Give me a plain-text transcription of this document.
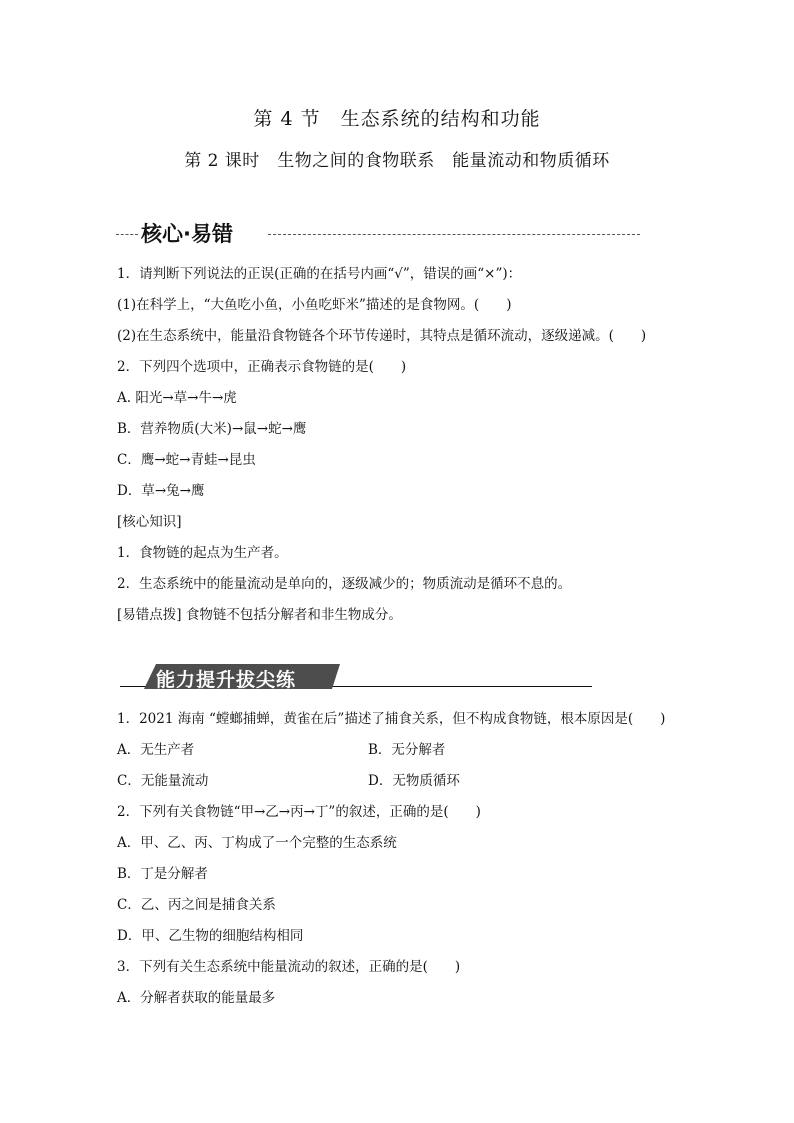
第 4 节　生态系统的结构和功能
第 2 课时　生物之间的食物联系　能量流动和物质循环
核心·易错
1．请判断下列说法的正误(正确的在括号内画“√”，错误的画“×”)：
(1)在科学上，“大鱼吃小鱼，小鱼吃虾米”描述的是食物网。(　　)
(2)在生态系统中，能量沿食物链各个环节传递时，其特点是循环流动，逐级递减。(　　)
2．下列四个选项中，正确表示食物链的是(　　)
A. 阳光→草→牛→虎
B．营养物质(大米)→鼠→蛇→鹰
C．鹰→蛇→青蛙→昆虫
D．草→兔→鹰
[核心知识]
1．食物链的起点为生产者。
2．生态系统中的能量流动是单向的，逐级减少的；物质流动是循环不息的。
[易错点拨] 食物链不包括分解者和非生物成分。
能力提升拔尖练
1．2021 海南 “螳螂捕蝉，黄雀在后”描述了捕食关系，但不构成食物链，根本原因是(　　)
A．无生产者	B．无分解者
C．无能量流动	D．无物质循环
2．下列有关食物链“甲→乙→丙→丁”的叙述，正确的是(　　)
A．甲、乙、丙、丁构成了一个完整的生态系统
B．丁是分解者
C．乙、丙之间是捕食关系
D．甲、乙生物的细胞结构相同
3．下列有关生态系统中能量流动的叙述，正确的是(　　)
A．分解者获取的能量最多
